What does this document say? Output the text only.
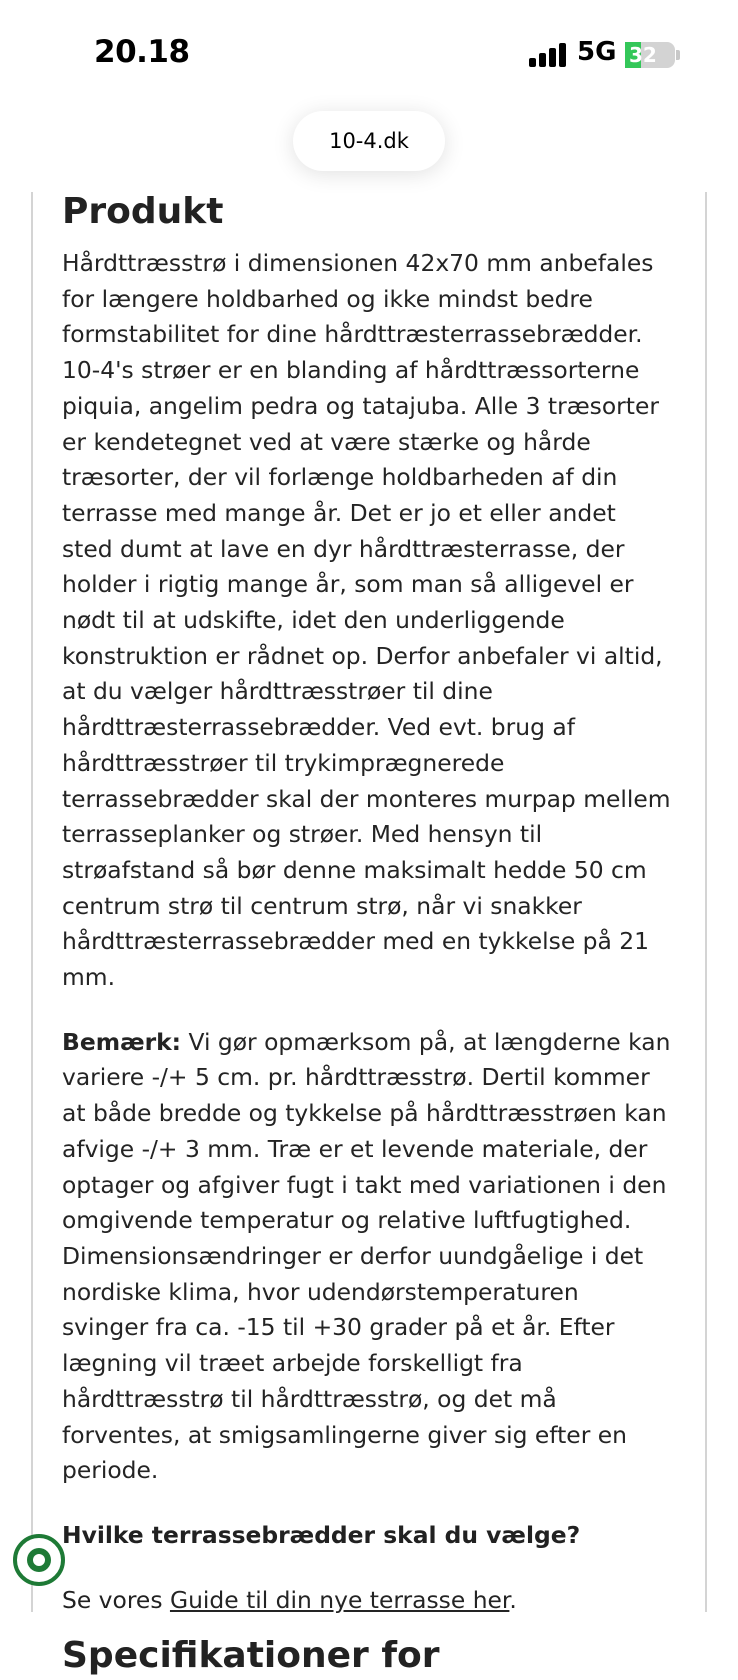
20.18	5G 32
10-4.dk
Produkt

Hårdttræsstrø i dimensionen 42x70 mm anbefales for længere holdbarhed og ikke mindst bedre formstabilitet for dine hårdttræsterrassebrædder. 10-4's strøer er en blanding af hårdttræssorterne piquia, angelim pedra og tatajuba. Alle 3 træsorter er kendetegnet ved at være stærke og hårde træsorter, der vil forlænge holdbarheden af din terrasse med mange år. Det er jo et eller andet sted dumt at lave en dyr hårdttræsterrasse, der holder i rigtig mange år, som man så alligevel er nødt til at udskifte, idet den underliggende konstruktion er rådnet op. Derfor anbefaler vi altid, at du vælger hårdttræsstrøer til dine hårdttræsterrassebrædder. Ved evt. brug af hårdttræsstrøer til trykimprægnerede terrassebrædder skal der monteres murpap mellem terrasseplanker og strøer. Med hensyn til strøafstand så bør denne maksimalt hedde 50 cm centrum strø til centrum strø, når vi snakker hårdttræsterrassebrædder med en tykkelse på 21 mm.

Bemærk: Vi gør opmærksom på, at længderne kan variere -/+ 5 cm. pr. hårdttræsstrø. Dertil kommer at både bredde og tykkelse på hårdttræsstrøen kan afvige -/+ 3 mm. Træ er et levende materiale, der optager og afgiver fugt i takt med variationen i den omgivende temperatur og relative luftfugtighed. Dimensionsændringer er derfor uundgåelige i det nordiske klima, hvor udendørstemperaturen svinger fra ca. -15 til +30 grader på et år. Efter lægning vil træet arbejde forskelligt fra hårdttræsstrø til hårdttræsstrø, og det må forventes, at smigsamlingerne giver sig efter en periode.

Hvilke terrassebrædder skal du vælge?
Se vores Guide til din nye terrasse her.
Specifikationer for
